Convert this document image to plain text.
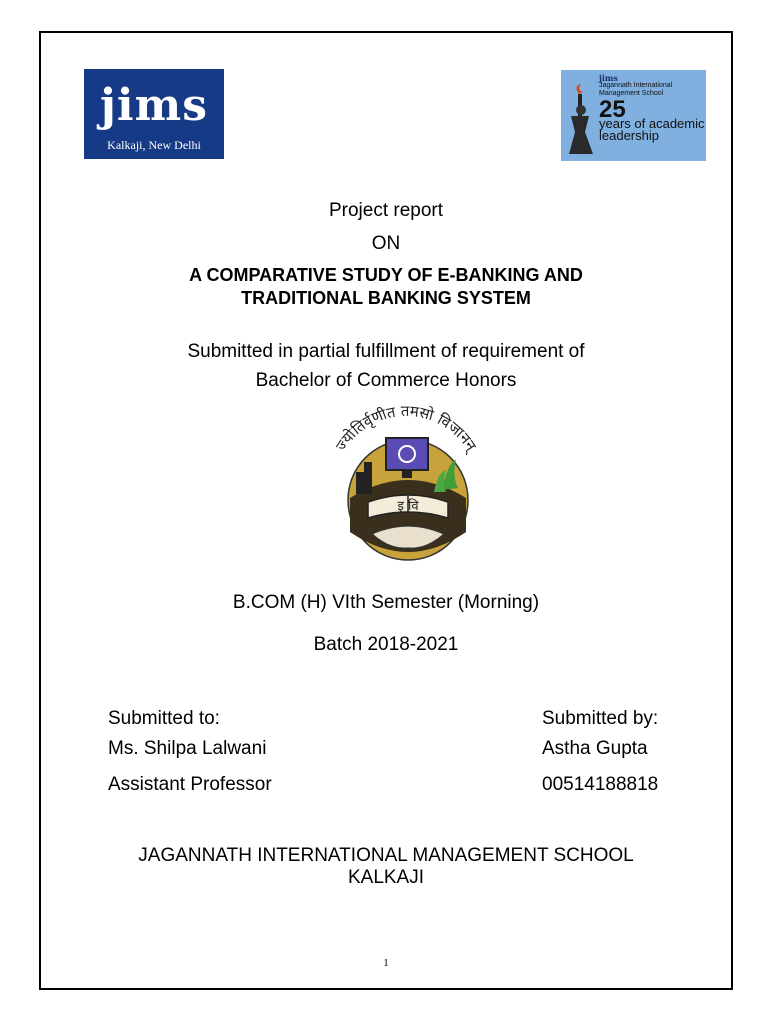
jims
Kalkaji, New Delhi
jims
Jagannath International Management School
25
years of academic leadership
Project report
ON
A COMPARATIVE STUDY OF E-BANKING AND
TRADITIONAL BANKING SYSTEM
Submitted in partial fulfillment of requirement of
Bachelor of Commerce Honors
ज्योतिर्वृणीत तमसो विजानन्
इ वि
B.COM (H) VIth Semester (Morning)
Batch 2018-2021
Submitted to:
Ms. Shilpa Lalwani
Assistant Professor
Submitted by:
Astha Gupta
00514188818
JAGANNATH INTERNATIONAL MANAGEMENT SCHOOL
KALKAJI
1
